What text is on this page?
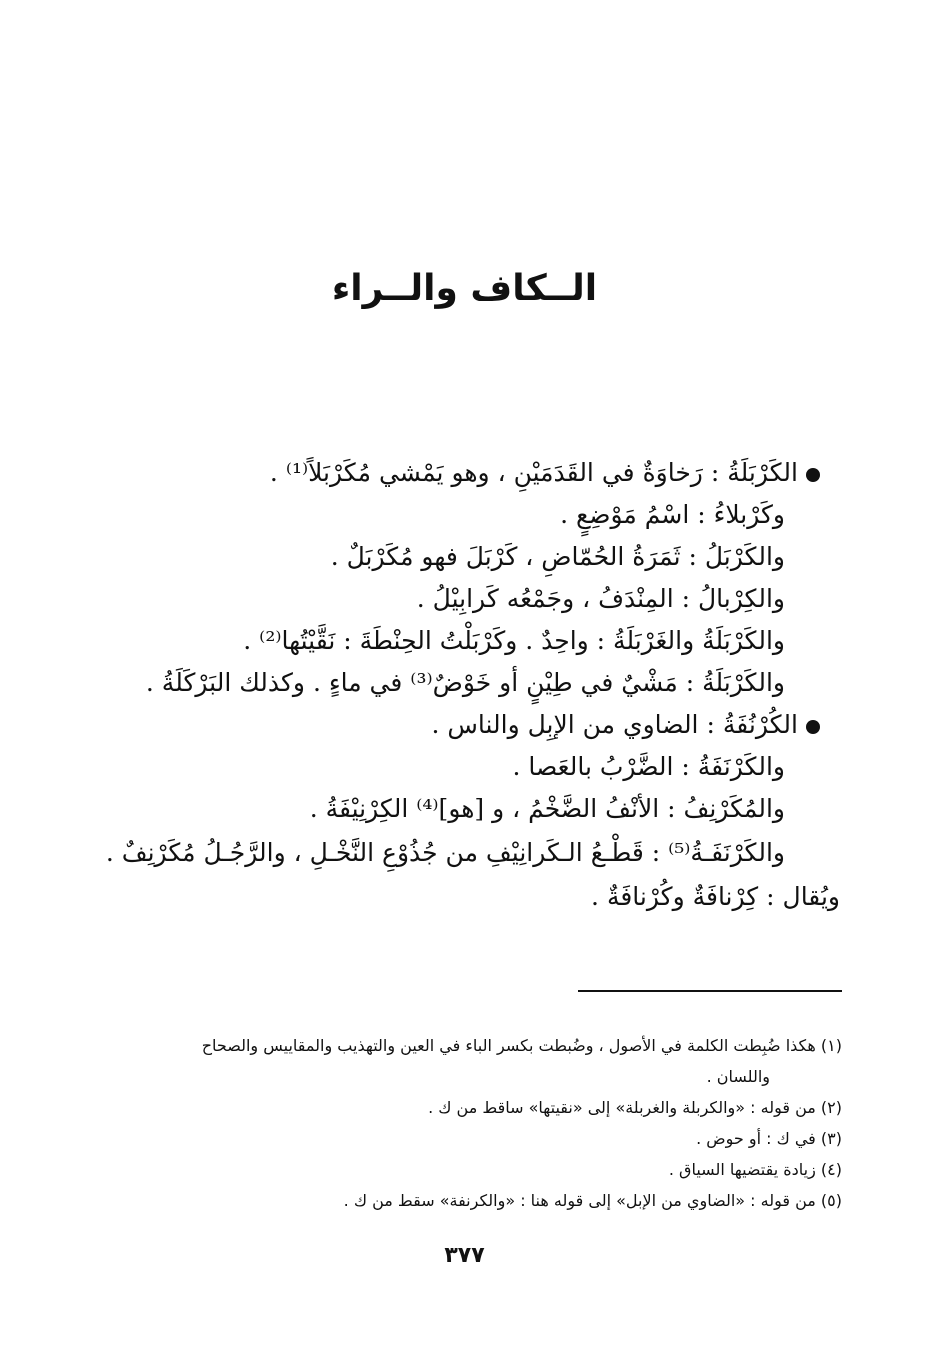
الــكاف والــراء
الكَرْبَلَةُ : رَخاوَةٌ في القَدَمَيْنِ ، وهو يَمْشي مُكَرْبَلاً⁽¹⁾ .
وكَرْبلاءُ : اسْمُ مَوْضِعٍ .
والكَرْبَلُ : ثَمَرَةُ الحُمّاضِ ، كَرْبَلَ فهو مُكَرْبَلٌ .
والكِرْبالُ : المِنْدَفُ ، وجَمْعُه كَرابِيْلُ .
والكَرْبَلَةُ والغَرْبَلَةُ : واحِدٌ . وكَرْبَلْتُ الحِنْطَةَ : نَقَّيْتُها⁽²⁾ .
والكَرْبَلَةُ : مَشْيٌ في طِيْنٍ أو خَوْضٌ⁽³⁾ في ماءٍ . وكذلك البَرْكَلَةُ .
الكُرْنُفَةُ : الضاوي من الإبِل والناس .
والكَرْنَفَةُ : الضَّرْبُ بالعَصا .
والمُكَرْنِفُ : الأنْفُ الضَّخْمُ ، و [هو]⁽⁴⁾ الكِرْنِيْفَةُ .
والكَرْنَفَـةُ⁽⁵⁾ : قَطْـعُ الـكَرانِيْفِ من جُذُوْعِ النَّخْـلِ ، والرَّجُـلُ مُكَرْنِفٌ .
ويُقال : كِرْنافَةٌ وكُرْنافَةٌ .
(١) هكذا ضُبِطت الكلمة في الأصول ، وضُبطت بكسر الباء في العين والتهذيب والمقاييس والصحاح
واللسان .
(٢) من قوله : «والكربلة والغربلة» إلى «نقيتها» ساقط من ك .
(٣) في ك : أو حوض .
(٤) زيادة يقتضيها السياق .
(٥) من قوله : «الضاوي من الإبل» إلى قوله هنا : «والكرنفة» سقط من ك .
٣٧٧
